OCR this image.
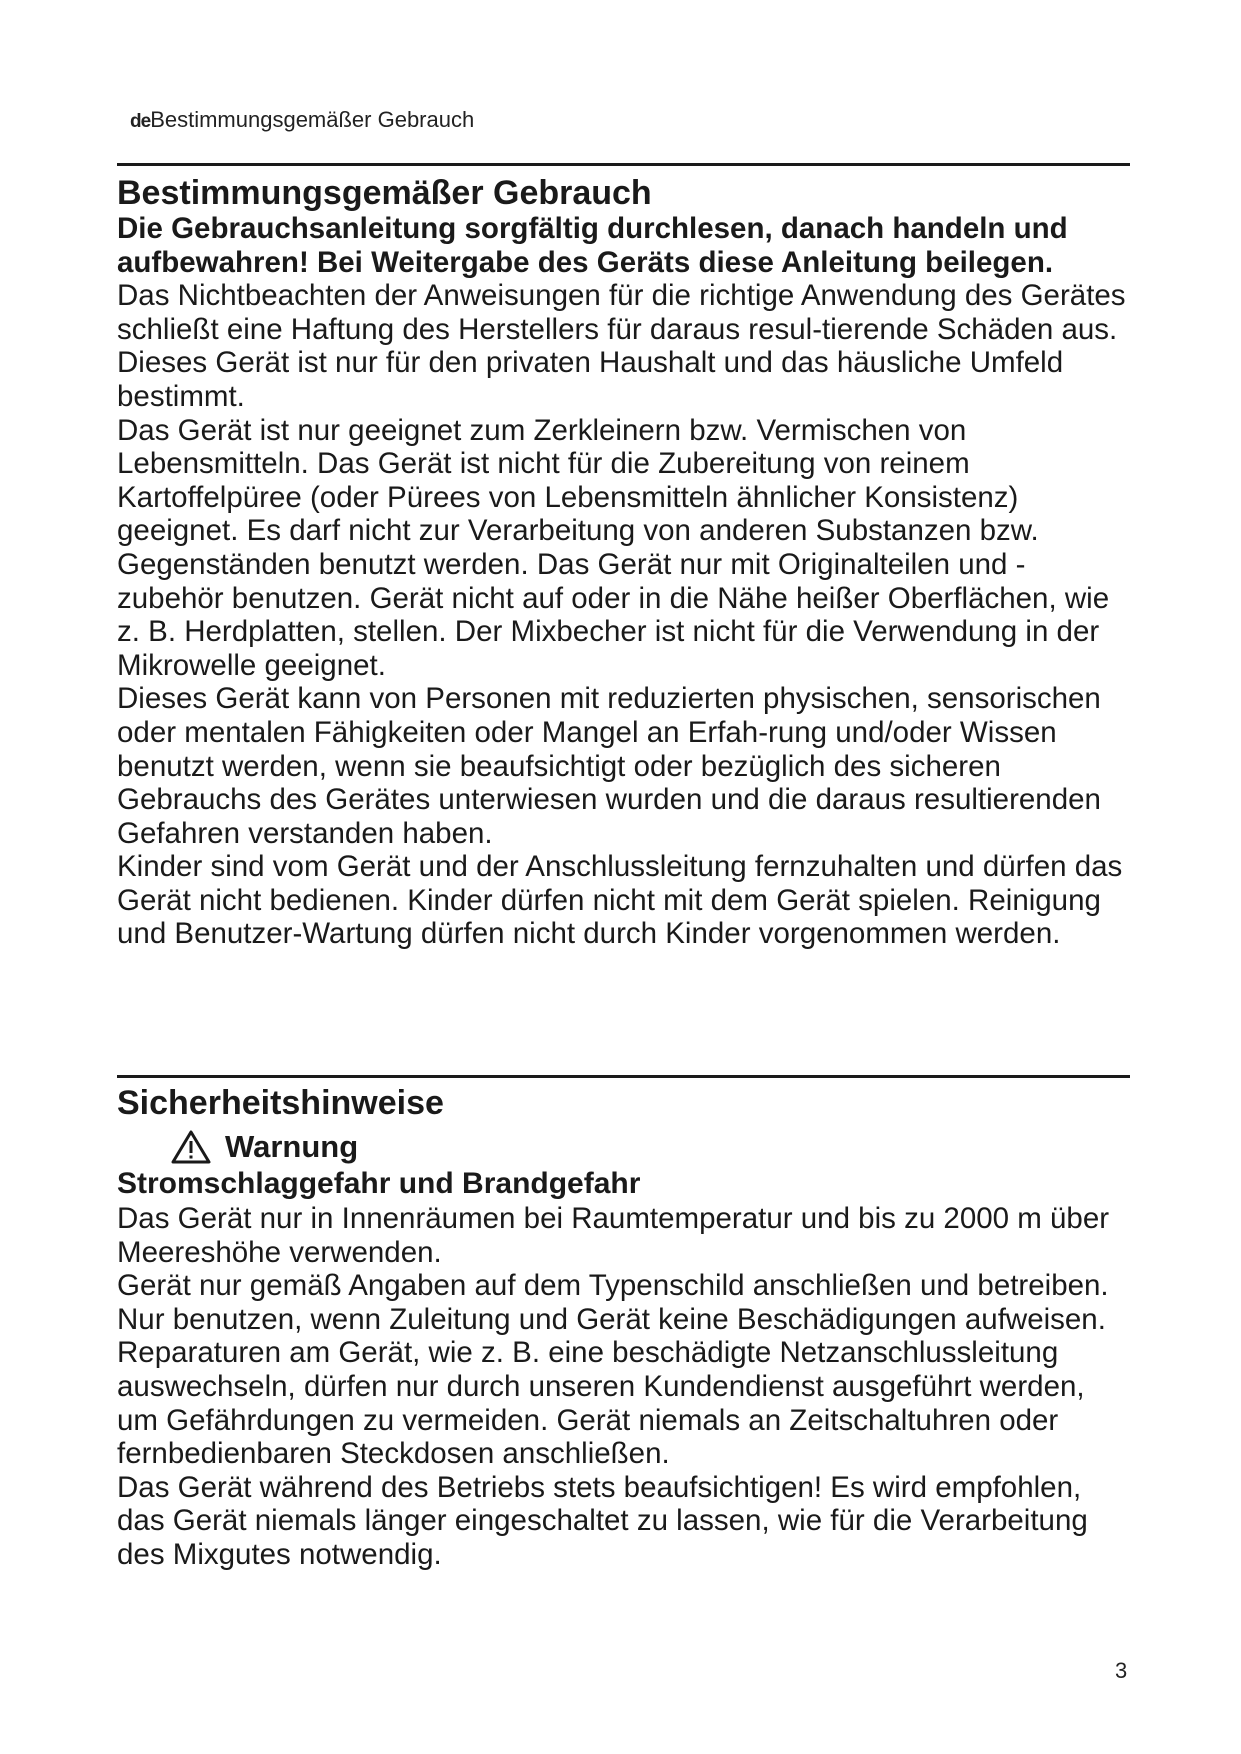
deBestimmungsgemäßer Gebrauch
Bestimmungsgemäßer Gebrauch

Die Gebrauchsanleitung sorgfältig durchlesen, danach handeln und aufbewahren! Bei Weitergabe des Geräts diese Anleitung beilegen.

Das Nichtbeachten der Anweisungen für die richtige Anwendung des Gerätes schließt eine Haftung des Herstellers für daraus resul-tierende Schäden aus.

Dieses Gerät ist nur für den privaten Haushalt und das häusliche Umfeld bestimmt.

Das Gerät ist nur geeignet zum Zerkleinern bzw. Vermischen von Lebensmitteln. Das Gerät ist nicht für die Zubereitung von reinem Kartoffelpüree (oder Pürees von Lebensmitteln ähnlicher Konsistenz) geeignet. Es darf nicht zur Verarbeitung von anderen Substanzen bzw. Gegenständen benutzt werden. Das Gerät nur mit Originalteilen und -zubehör benutzen. Gerät nicht auf oder in die Nähe heißer Oberflächen, wie z. B. Herdplatten, stellen. Der Mixbecher ist nicht für die Verwendung in der Mikrowelle geeignet.

Dieses Gerät kann von Personen mit reduzierten physischen, sensorischen oder mentalen Fähigkeiten oder Mangel an Erfah-rung und/oder Wissen benutzt werden, wenn sie beaufsichtigt oder bezüglich des sicheren Gebrauchs des Gerätes unterwiesen wurden und die daraus resultierenden Gefahren verstanden haben.

Kinder sind vom Gerät und der Anschlussleitung fernzuhalten und dürfen das Gerät nicht bedienen. Kinder dürfen nicht mit dem Gerät spielen. Reinigung und Benutzer-Wartung dürfen nicht durch Kinder vorgenommen werden.

Sicherheitshinweise
Warnung

Stromschlaggefahr und Brandgefahr

Das Gerät nur in Innenräumen bei Raumtemperatur und bis zu 2000 m über Meereshöhe verwenden.

Gerät nur gemäß Angaben auf dem Typenschild anschließen und betreiben. Nur benutzen, wenn Zuleitung und Gerät keine Beschädigungen aufweisen. Reparaturen am Gerät, wie z. B. eine beschädigte Netzanschlussleitung auswechseln, dürfen nur durch unseren Kundendienst ausgeführt werden, um Gefährdungen zu vermeiden. Gerät niemals an Zeitschaltuhren oder fernbedienbaren Steckdosen anschließen.

Das Gerät während des Betriebs stets beaufsichtigen! Es wird empfohlen, das Gerät niemals länger eingeschaltet zu lassen, wie für die Verarbeitung des Mixgutes notwendig.

3
